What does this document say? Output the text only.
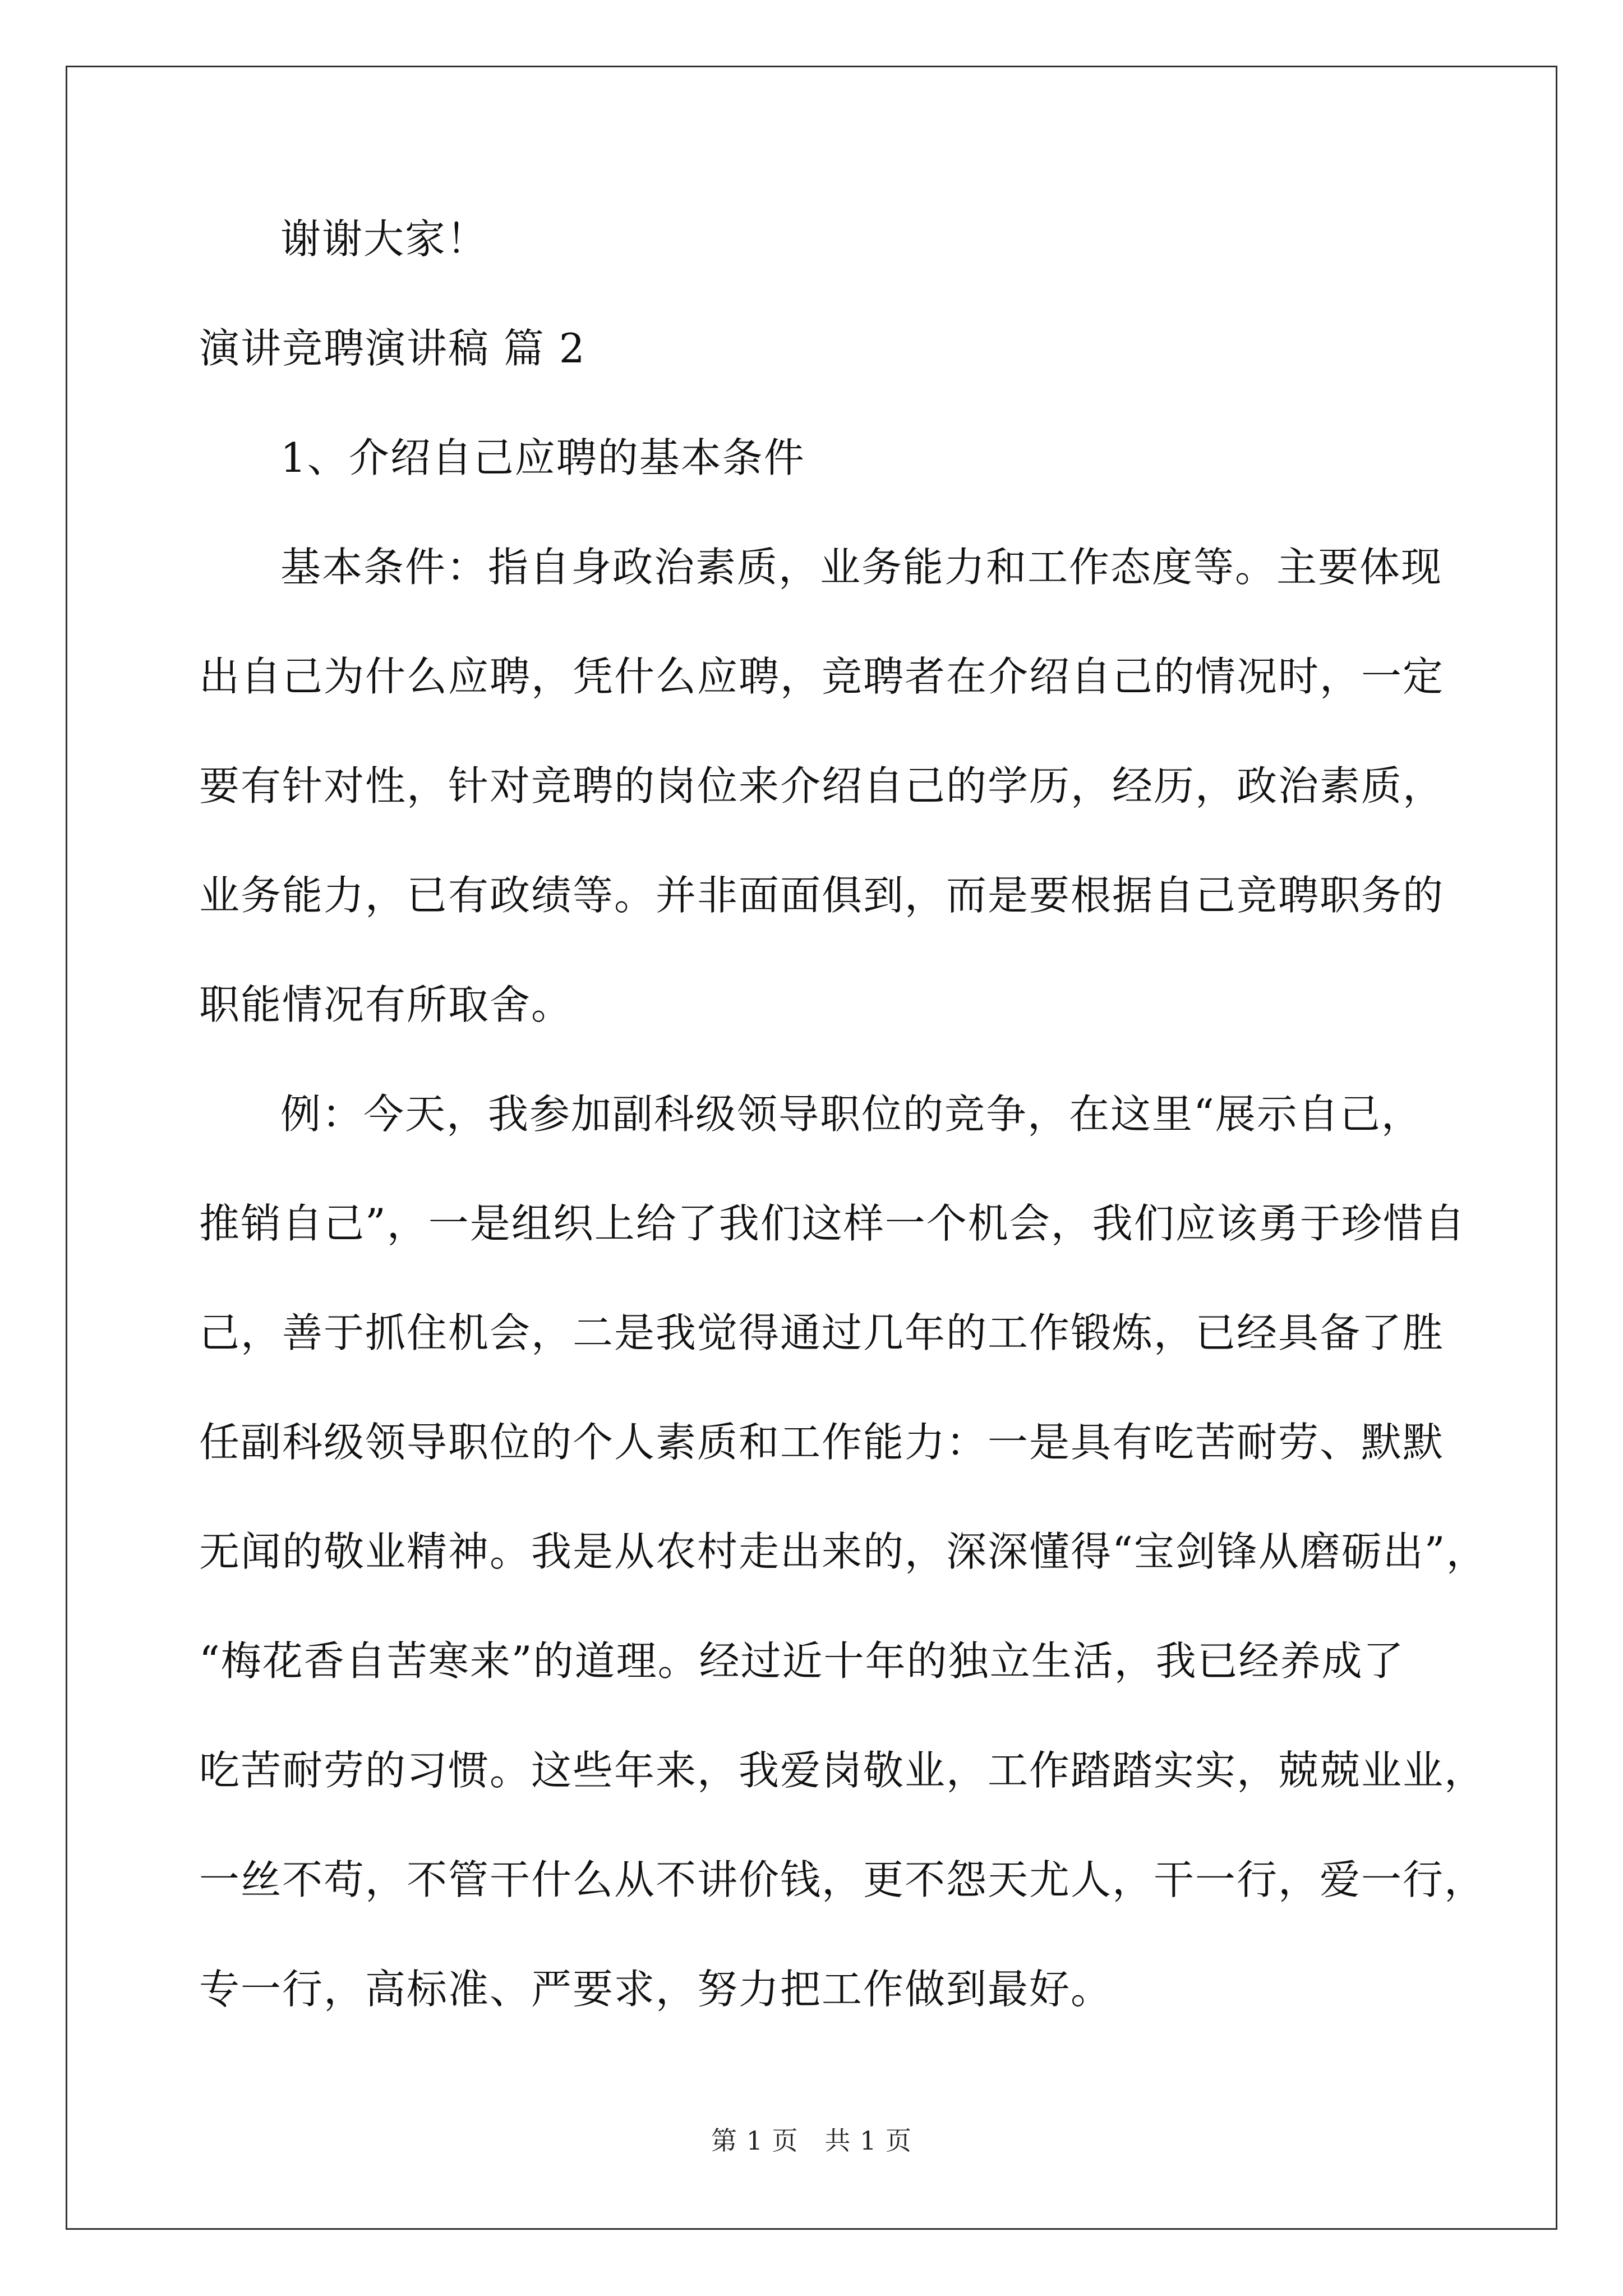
谢谢大家！
演讲竞聘演讲稿 篇 2
1、介绍自己应聘的基本条件
基本条件：指自身政治素质，业务能力和工作态度等。主要体现
出自己为什么应聘，凭什么应聘，竞聘者在介绍自己的情况时，一定
要有针对性，针对竞聘的岗位来介绍自己的学历，经历，政治素质，
业务能力，已有政绩等。并非面面俱到，而是要根据自己竞聘职务的
职能情况有所取舍。
例：今天，我参加副科级领导职位的竞争，在这里“展示自己，
推销自己”，一是组织上给了我们这样一个机会，我们应该勇于珍惜自
己，善于抓住机会，二是我觉得通过几年的工作锻炼，已经具备了胜
任副科级领导职位的个人素质和工作能力：一是具有吃苦耐劳、默默
无闻的敬业精神。我是从农村走出来的，深深懂得“宝剑锋从磨砺出”，
“梅花香自苦寒来”的道理。经过近十年的独立生活，我已经养成了
吃苦耐劳的习惯。这些年来，我爱岗敬业，工作踏踏实实，兢兢业业，
一丝不苟，不管干什么从不讲价钱，更不怨天尤人，干一行，爱一行，
专一行，高标准、严要求，努力把工作做到最好。
第 1 页　共 1 页
